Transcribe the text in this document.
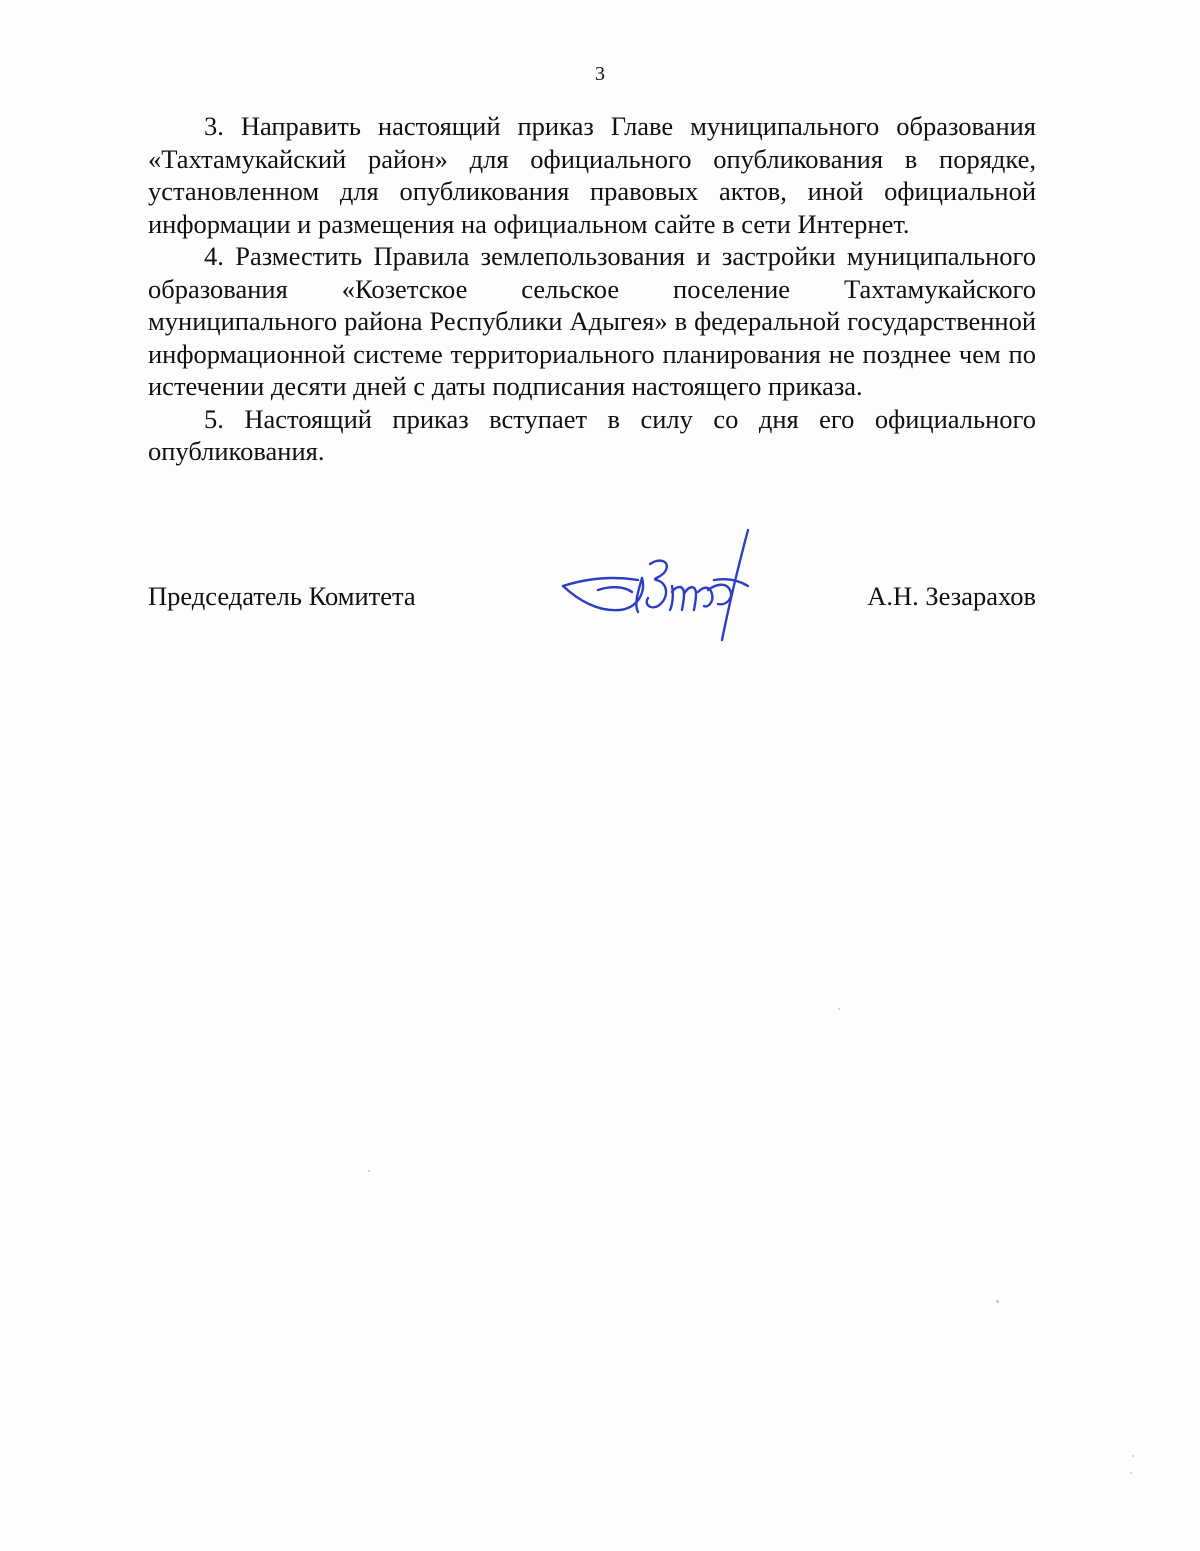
3

3. Направить настоящий приказ Главе муниципального образования «Тахтамукайский район» для официального опубликования в порядке, установленном для опубликования правовых актов, иной официальной информации и размещения на официальном сайте в сети Интернет.

4. Разместить Правила землепользования и застройки муниципального образования «Козетское сельское поселение Тахтамукайского муниципального района Республики Адыгея» в федеральной государственной информационной системе территориального планирования не позднее чем по истечении десяти дней с даты подписания настоящего приказа.

5. Настоящий приказ вступает в силу со дня его официального опубликования.

Председатель Комитета	А.Н. Зезарахов
